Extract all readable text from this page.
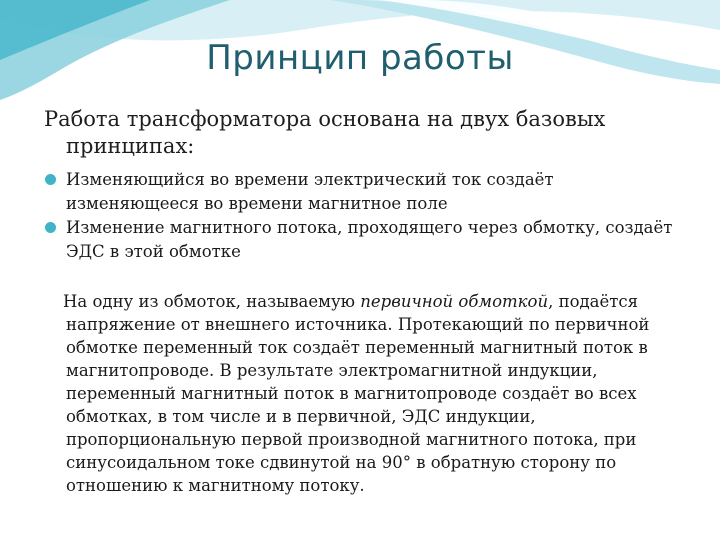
Принцип работы

Работа трансформатора основана на двух базовых принципах:

Изменяющийся во времени электрический ток создаёт изменяющееся во времени магнитное поле
Изменение магнитного потока, проходящего через обмотку, создаёт ЭДС в этой обмотке

На одну из обмоток, называемую первичной обмоткой, подаётся напряжение от внешнего источника. Протекающий по первичной обмотке переменный ток создаёт переменный магнитный поток в магнитопроводе. В результате электромагнитной индукции, переменный магнитный поток в магнитопроводе создаёт во всех обмотках, в том числе и в первичной, ЭДС индукции, пропорциональную первой производной магнитного потока, при синусоидальном токе сдвинутой на 90° в обратную сторону по отношению к магнитному потоку.
